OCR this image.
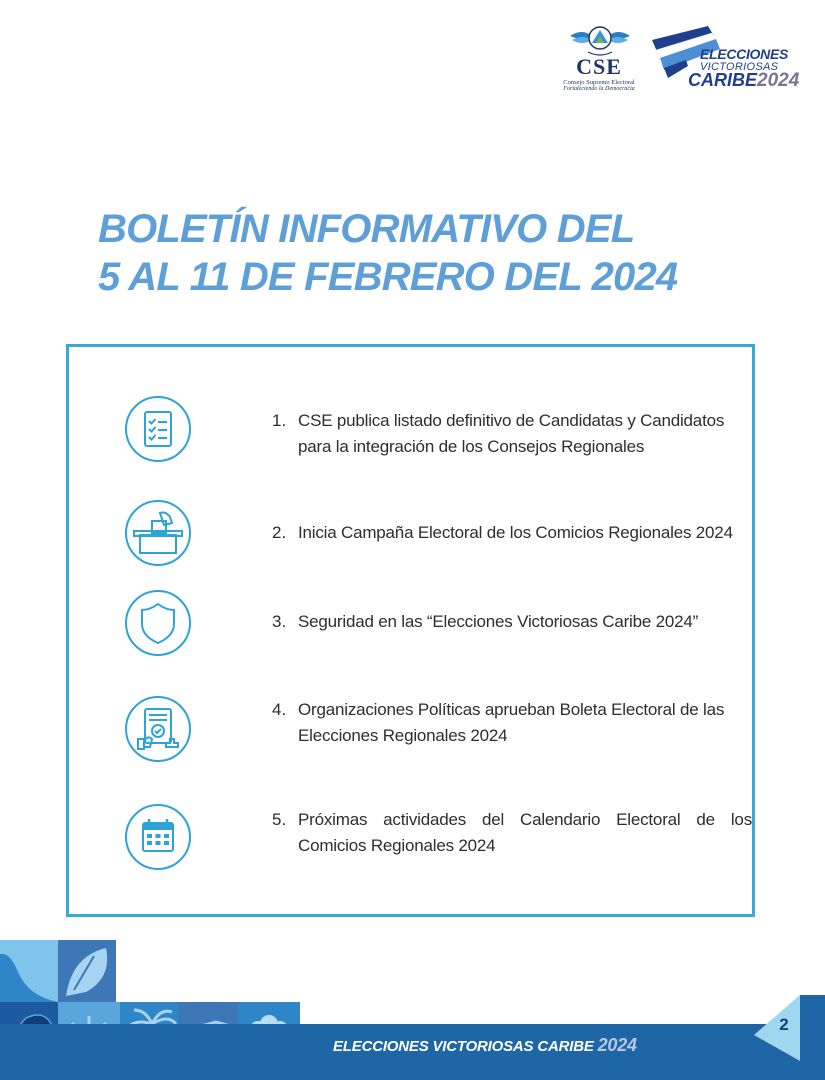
CSE
Consejo Supremo Electoral
Fortaleciendo la Democracia
ELECCIONES
VICTORIOSAS
CARIBE2024
BOLETÍN INFORMATIVO DEL
5 AL 11 DE FEBRERO DEL 2024
1. CSE publica listado definitivo de Candidatas y Candidatos para la integración de los Consejos Regionales
2. Inicia Campaña Electoral de los Comicios Regionales 2024
3. Seguridad en las “Elecciones Victoriosas Caribe 2024”
4. Organizaciones Políticas aprueban Boleta Electoral de las Elecciones Regionales 2024
5. Próximas actividades del Calendario Electoral de los Comicios Regionales 2024
ELECCIONES VICTORIOSAS CARIBE 2024
2
